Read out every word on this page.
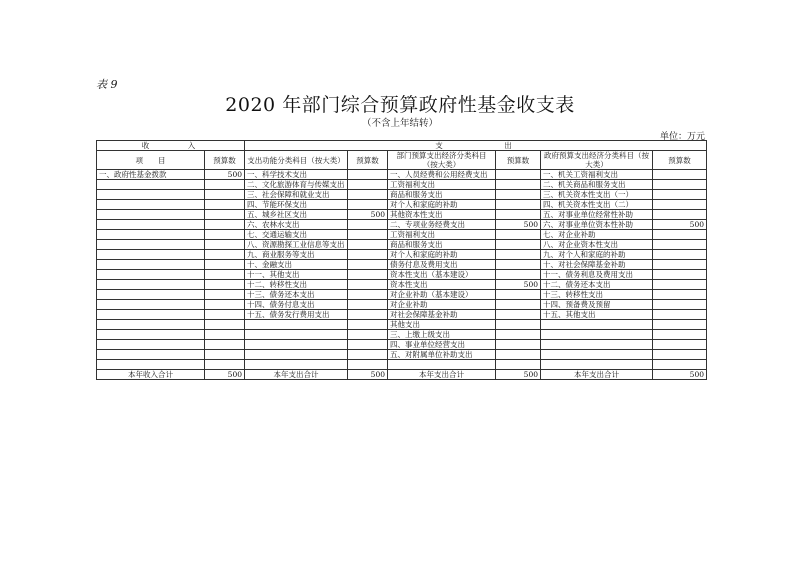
表 9
2020 年部门综合预算政府性基金收支表
（不含上年结转）
单位：万元
收　　　入		支　　　　　出					
项　　目	预算数	支出功能分类科目（按大类）	预算数	部门预算支出经济分类科目（按大类）	预算数	政府预算支出经济分类科目（按大类）	预算数
一、政府性基金拨款	500	一、科学技术支出		一、人员经费和公用经费支出		一、机关工资福利支出	
		二、文化旅游体育与传媒支出		工资福利支出		二、机关商品和服务支出	
		三、社会保障和就业支出		商品和服务支出		三、机关资本性支出（一）	
		四、节能环保支出		对个人和家庭的补助		四、机关资本性支出（二）	
		五、城乡社区支出	500	其他资本性支出		五、对事业单位经常性补助	
		六、农林水支出		二、专项业务经费支出	500	六、对事业单位资本性补助	500
		七、交通运输支出		工资福利支出		七、对企业补助	
		八、资源勘探工业信息等支出		商品和服务支出		八、对企业资本性支出	
		九、商业服务等支出		对个人和家庭的补助		九、对个人和家庭的补助	
		十、金融支出		债务付息及费用支出		十、对社会保障基金补助	
		十一、其他支出		资本性支出（基本建设）		十一、债务利息及费用支出	
		十二、转移性支出		资本性支出	500	十二、债务还本支出	
		十三、债务还本支出		对企业补助（基本建设）		十三、转移性支出	
		十四、债务付息支出		对企业补助		十四、预备费及预留	
		十五、债务发行费用支出		对社会保障基金补助		十五、其他支出	
				其他支出			
				三、上缴上级支出			
				四、事业单位经营支出			
				五、对附属单位补助支出			

本年收入合计	500	本年支出合计	500	本年支出合计	500	本年支出合计	500
